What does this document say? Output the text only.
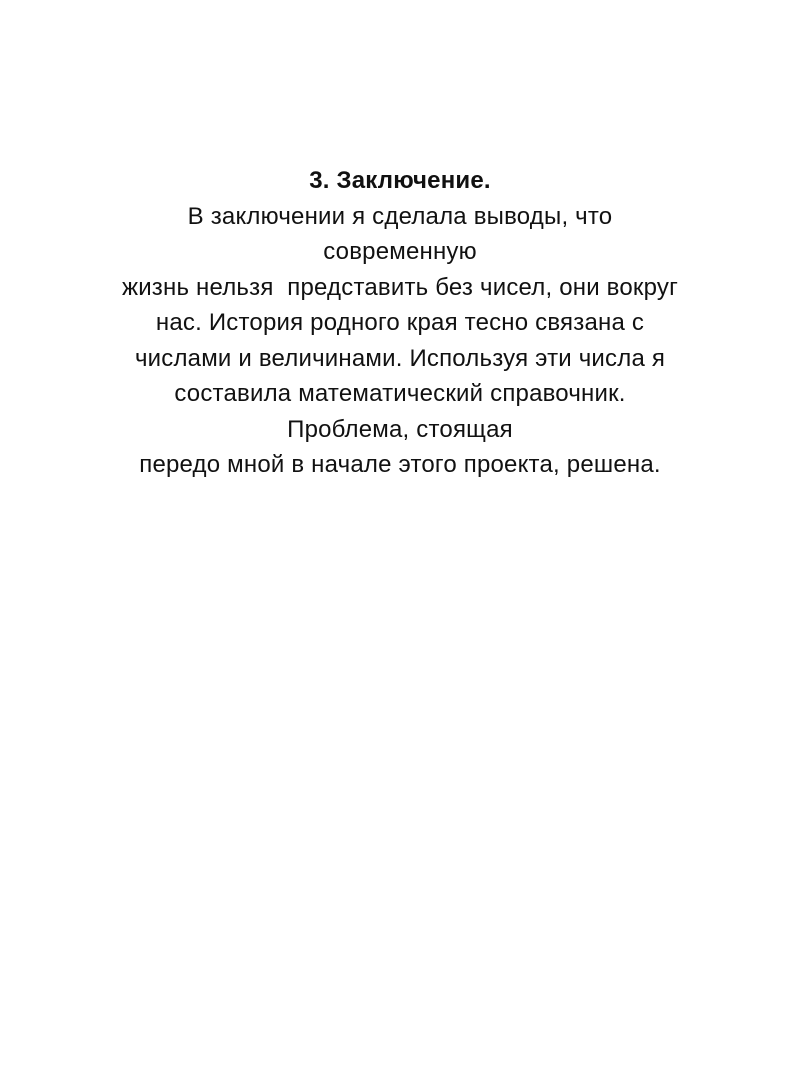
3. Заключение.
В заключении я сделала выводы, что
современную
жизнь нельзя  представить без чисел, они вокруг
нас. История родного края тесно связана с
числами и величинами. Используя эти числа я
составила математический справочник.
Проблема, стоящая
передо мной в начале этого проекта, решена.
